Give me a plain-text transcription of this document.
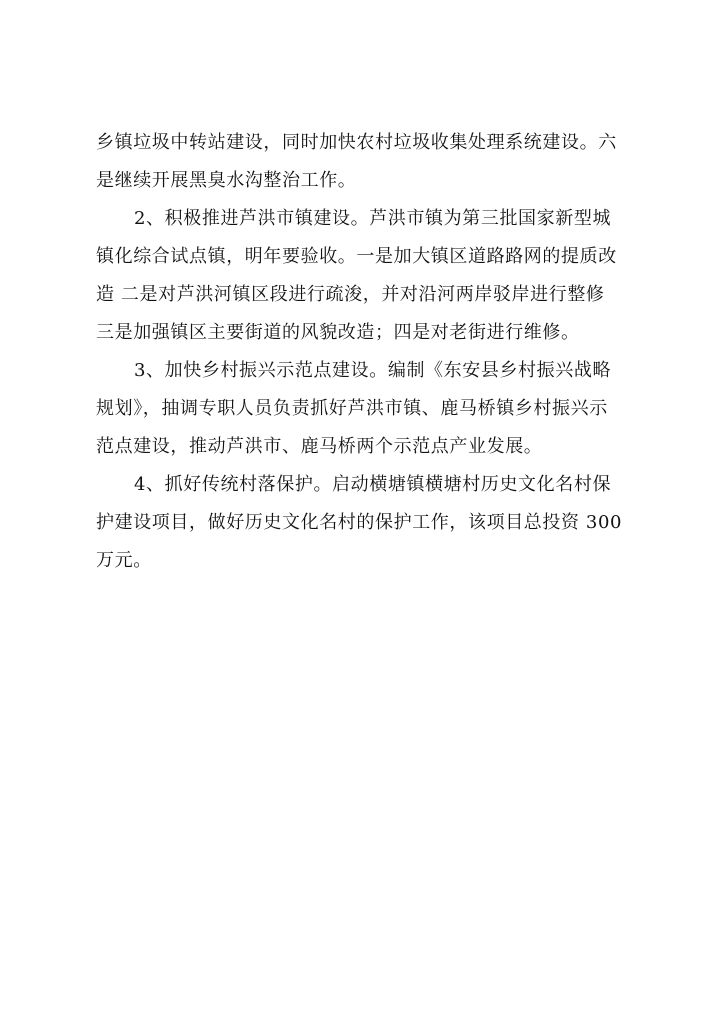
乡镇垃圾中转站建设，同时加快农村垃圾收集处理系统建设。六
是继续开展黑臭水沟整治工作。
2、积极推进芦洪市镇建设。芦洪市镇为第三批国家新型城
镇化综合试点镇，明年要验收。一是加大镇区道路路网的提质改
造 二是对芦洪河镇区段进行疏浚，并对沿河两岸驳岸进行整修
三是加强镇区主要街道的风貌改造；四是对老街进行维修。
3、加快乡村振兴示范点建设。编制《东安县乡村振兴战略
规划》，抽调专职人员负责抓好芦洪市镇、鹿马桥镇乡村振兴示
范点建设，推动芦洪市、鹿马桥两个示范点产业发展。
4、抓好传统村落保护。启动横塘镇横塘村历史文化名村保
护建设项目，做好历史文化名村的保护工作，该项目总投资 300
万元。
